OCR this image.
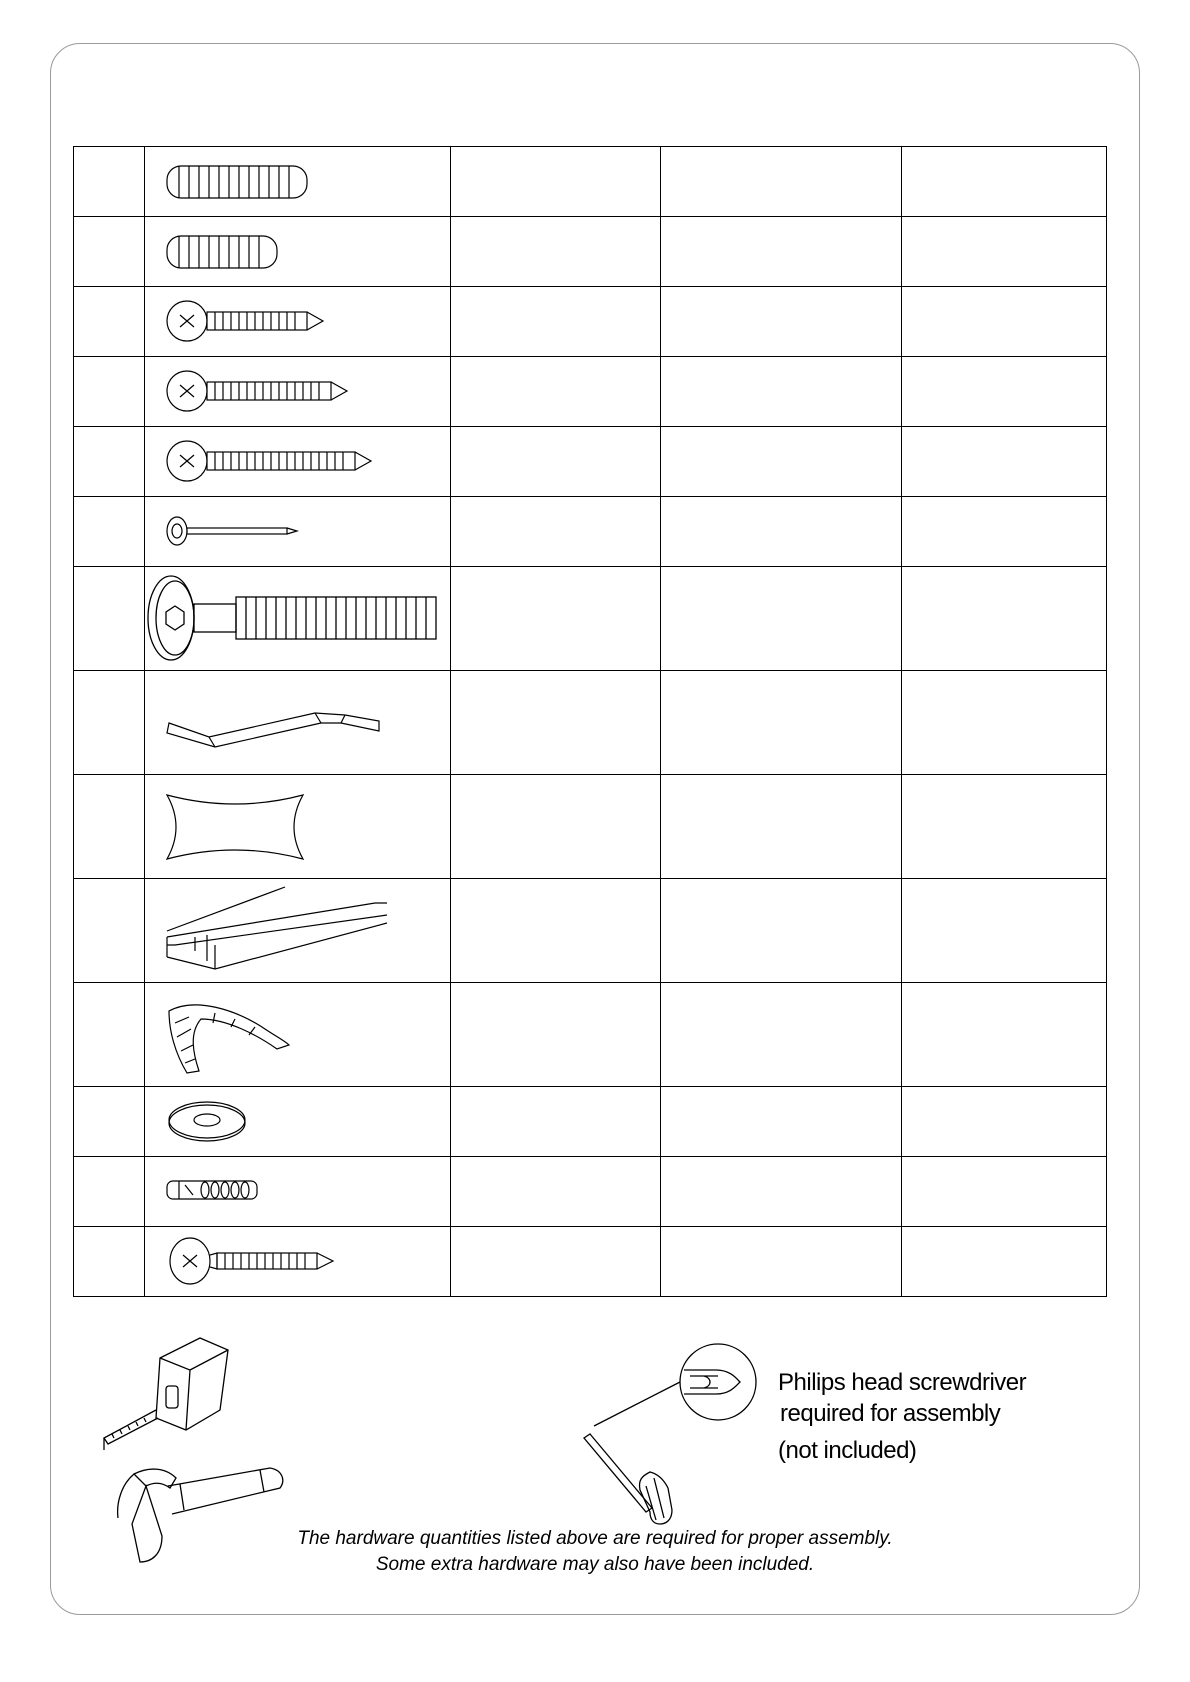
Philips head screwdriver
required for assembly
(not included)
The hardware quantities listed above are required for proper assembly.
Some extra hardware may also have been included.
